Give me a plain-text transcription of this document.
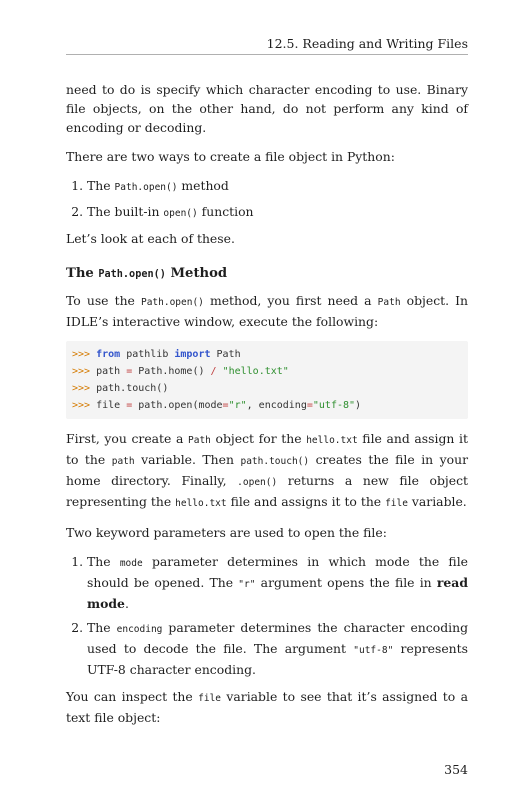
12.5. Reading and Writing Files

need to do is specify which character encoding to use. Binary file objects, on the other hand, do not perform any kind of encoding or decoding.

There are two ways to create a file object in Python:

1. The Path.open() method
2. The built-in open() function

Let’s look at each of these.

The Path.open() Method

To use the Path.open() method, you first need a Path object. In IDLE’s interactive window, execute the following:

>>> from pathlib import Path
>>> path = Path.home() / "hello.txt"
>>> path.touch()
>>> file = path.open(mode="r", encoding="utf-8")

First, you create a Path object for the hello.txt file and assign it to the path variable. Then path.touch() creates the file in your home directory. Finally, .open() returns a new file object representing the hello.txt file and assigns it to the file variable.

Two keyword parameters are used to open the file:

1. The mode parameter determines in which mode the file should be opened. The "r" argument opens the file in read mode.
2. The encoding parameter determines the character encoding used to decode the file. The argument "utf-8" represents UTF-8 character encoding.

You can inspect the file variable to see that it’s assigned to a text file object:

354
